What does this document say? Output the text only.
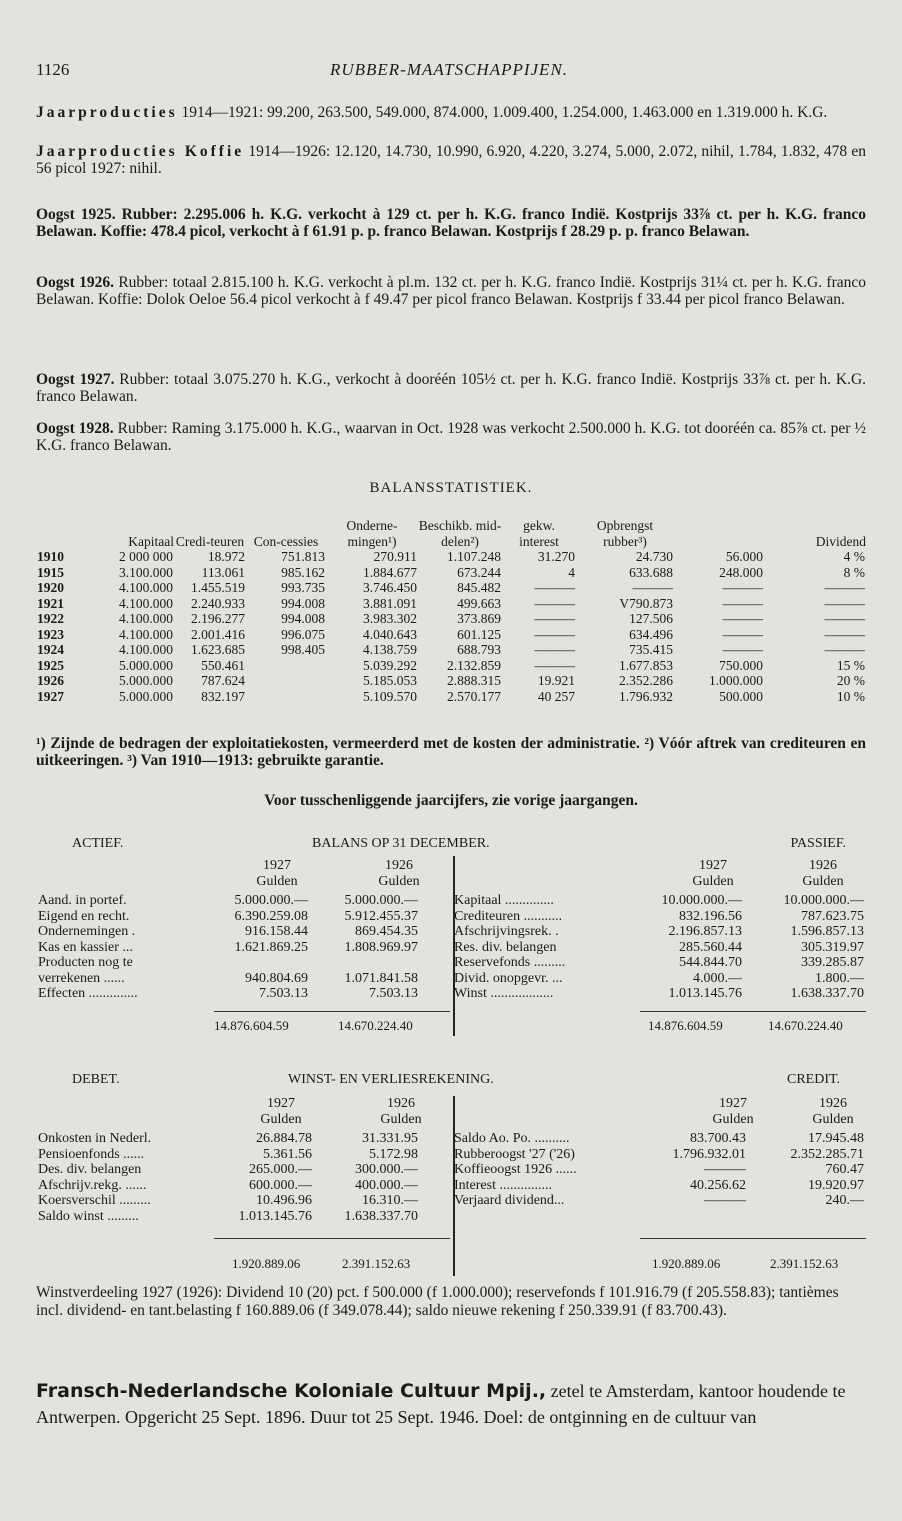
1126	RUBBER-MAATSCHAPPIJEN.
Jaarproducties 1914—1921: 99.200, 263.500, 549.000, 874.000, 1.009.400, 1.254.000, 1.463.000 en 1.319.000 h. K.G.
Jaarproducties Koffie 1914—1926: 12.120, 14.730, 10.990, 6.920, 4.220, 3.274, 5.000, 2.072, nihil, 1.784, 1.832, 478 en 56 picol 1927: nihil.
Oogst 1925. Rubber: 2.295.006 h. K.G. verkocht à 129 ct. per h. K.G. franco Indië. Kostprijs 33⅞ ct. per h. K.G. franco Belawan. Koffie: 478.4 picol, verkocht à f 61.91 p. p. franco Belawan. Kostprijs f 28.29 p. p. franco Belawan.
Oogst 1926. Rubber: totaal 2.815.100 h. K.G. verkocht à pl.m. 132 ct. per h. K.G. franco Indië. Kostprijs 31¼ ct. per h. K.G. franco Belawan. Koffie: Dolok Oeloe 56.4 picol verkocht à f 49.47 per picol franco Belawan. Kostprijs f 33.44 per picol franco Belawan.
Oogst 1927. Rubber: totaal 3.075.270 h. K.G., verkocht à dooréén 105½ ct. per h. K.G. franco Indië. Kostprijs 33⅞ ct. per h. K.G. franco Belawan.
Oogst 1928. Rubber: Raming 3.175.000 h. K.G., waarvan in Oct. 1928 was verkocht 2.500.000 h. K.G. tot dooréén ca. 85⅞ ct. per ½ K.G. franco Belawan.
BALANSSTATISTIEK.
	Kapitaal	Credi-teuren	Con-cessies	Onderne-mingen¹)	Beschikb. mid-delen²)	gekw. interest	Opbrengst rubber³)	Dividend	
1910	2 000 000	18.972	751.813	270.911	1.107.248	31.270	24.730	56.000	4 %
1915	3.100.000	113.061	985.162	1.884.677	673.244	4	633.688	248.000	8 %
1920	4.100.000	1.455.519	993.735	3.746.450	845.482	———	———	———	———
1921	4.100.000	2.240.933	994.008	3.881.091	499.663	———	V790.873	———	———
1922	4.100.000	2.196.277	994.008	3.983.302	373.869	———	127.506	———	———
1923	4.100.000	2.001.416	996.075	4.040.643	601.125	———	634.496	———	———
1924	4.100.000	1.623.685	998.405	4.138.759	688.793	———	735.415	———	———
1925	5.000.000	550.461		5.039.292	2.132.859	———	1.677.853	750.000	15 %
1926	5.000.000	787.624		5.185.053	2.888.315	19.921	2.352.286	1.000.000	20 %
1927	5.000.000	832.197		5.109.570	2.570.177	40 257	1.796.932	500.000	10 %
¹) Zijnde de bedragen der exploitatiekosten, vermeerderd met de kosten der administratie. ²) Vóór aftrek van crediteuren en uitkeeringen. ³) Van 1910—1913: gebruikte garantie.
Voor tusschenliggende jaarcijfers, zie vorige jaargangen.
ACTIEF.	BALANS OP 31 DECEMBER.	PASSIEF.
1927
Gulden
1926
Gulden
1927
Gulden
1926
Gulden
Aand. in portef.	5.000.000.—	5.000.000.—
Eigend en recht.	6.390.259.08	5.912.455.37
Ondernemingen .	916.158.44	869.454.35
Kas en kassier ...	1.621.869.25	1.808.969.97
Producten nog te		
verrekenen ......	940.804.69	1.071.841.58
Effecten ..............	7.503.13	7.503.13
Kapitaal ..............	10.000.000.—	10.000.000.—
Crediteuren ...........	832.196.56	787.623.75
Afschrijvingsrek. .	2.196.857.13	1.596.857.13
Res. div. belangen	285.560.44	305.319.97
Reservefonds .........	544.844.70	339.285.87
Divid. onopgevr. ...	4.000.—	1.800.—
Winst ..................	1.013.145.76	1.638.337.70
14.876.604.59	14.670.224.40	14.876.604.59	14.670.224.40
DEBET.	WINST- EN VERLIESREKENING.	CREDIT.
1927
Gulden
1926
Gulden
1927
Gulden
1926
Gulden
Onkosten in Nederl.	26.884.78	31.331.95
Pensioenfonds ......	5.361.56	5.172.98
Des. div. belangen	265.000.—	300.000.—
Afschrijv.rekg. ......	600.000.—	400.000.—
Koersverschil .........	10.496.96	16.310.—
Saldo winst .........	1.013.145.76	1.638.337.70
Saldo Ao. Po. ..........	83.700.43	17.945.48
Rubberoogst '27 ('26)	1.796.932.01	2.352.285.71
Koffieoogst 1926 ......	———	760.47
Interest ...............	40.256.62	19.920.97
Verjaard dividend...	———	240.—
1.920.889.06	2.391.152.63	1.920.889.06	2.391.152.63
Winstverdeeling 1927 (1926): Dividend 10 (20) pct. f 500.000 (f 1.000.000); reservefonds f 101.916.79 (f 205.558.83); tantièmes incl. dividend- en tant.belasting f 160.889.06 (f 349.078.44); saldo nieuwe rekening f 250.339.91 (f 83.700.43).
Fransch-Nederlandsche Koloniale Cultuur Mpij., zetel te Amsterdam, kantoor houdende te Antwerpen. Opgericht 25 Sept. 1896. Duur tot 25 Sept. 1946. Doel: de ontginning en de cultuur van
